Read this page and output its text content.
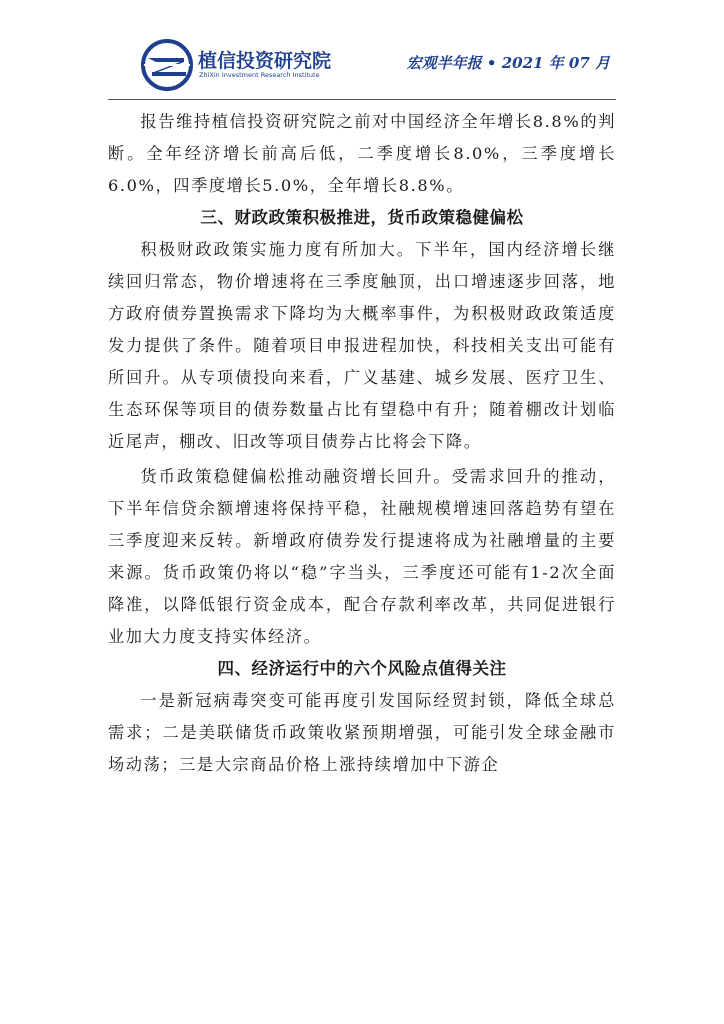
植信投资研究院
ZhiXin Investment Research Institute
宏观半年报 • 2021 年 07 月

报告维持植信投资研究院之前对中国经济全年增长8.8%的判断。全年经济增长前高后低，二季度增长8.0%，三季度增长6.0%，四季度增长5.0%，全年增长8.8%。

三、财政政策积极推进，货币政策稳健偏松

积极财政政策实施力度有所加大。下半年，国内经济增长继续回归常态，物价增速将在三季度触顶，出口增速逐步回落，地方政府债券置换需求下降均为大概率事件，为积极财政政策适度发力提供了条件。随着项目申报进程加快，科技相关支出可能有所回升。从专项债投向来看，广义基建、城乡发展、医疗卫生、生态环保等项目的债券数量占比有望稳中有升；随着棚改计划临近尾声，棚改、旧改等项目债券占比将会下降。

货币政策稳健偏松推动融资增长回升。受需求回升的推动，下半年信贷余额增速将保持平稳，社融规模增速回落趋势有望在三季度迎来反转。新增政府债券发行提速将成为社融增量的主要来源。货币政策仍将以“稳”字当头，三季度还可能有1-2次全面降准，以降低银行资金成本，配合存款利率改革，共同促进银行业加大力度支持实体经济。

四、经济运行中的六个风险点值得关注

一是新冠病毒突变可能再度引发国际经贸封锁，降低全球总需求；二是美联储货币政策收紧预期增强，可能引发全球金融市场动荡；三是大宗商品价格上涨持续增加中下游企
